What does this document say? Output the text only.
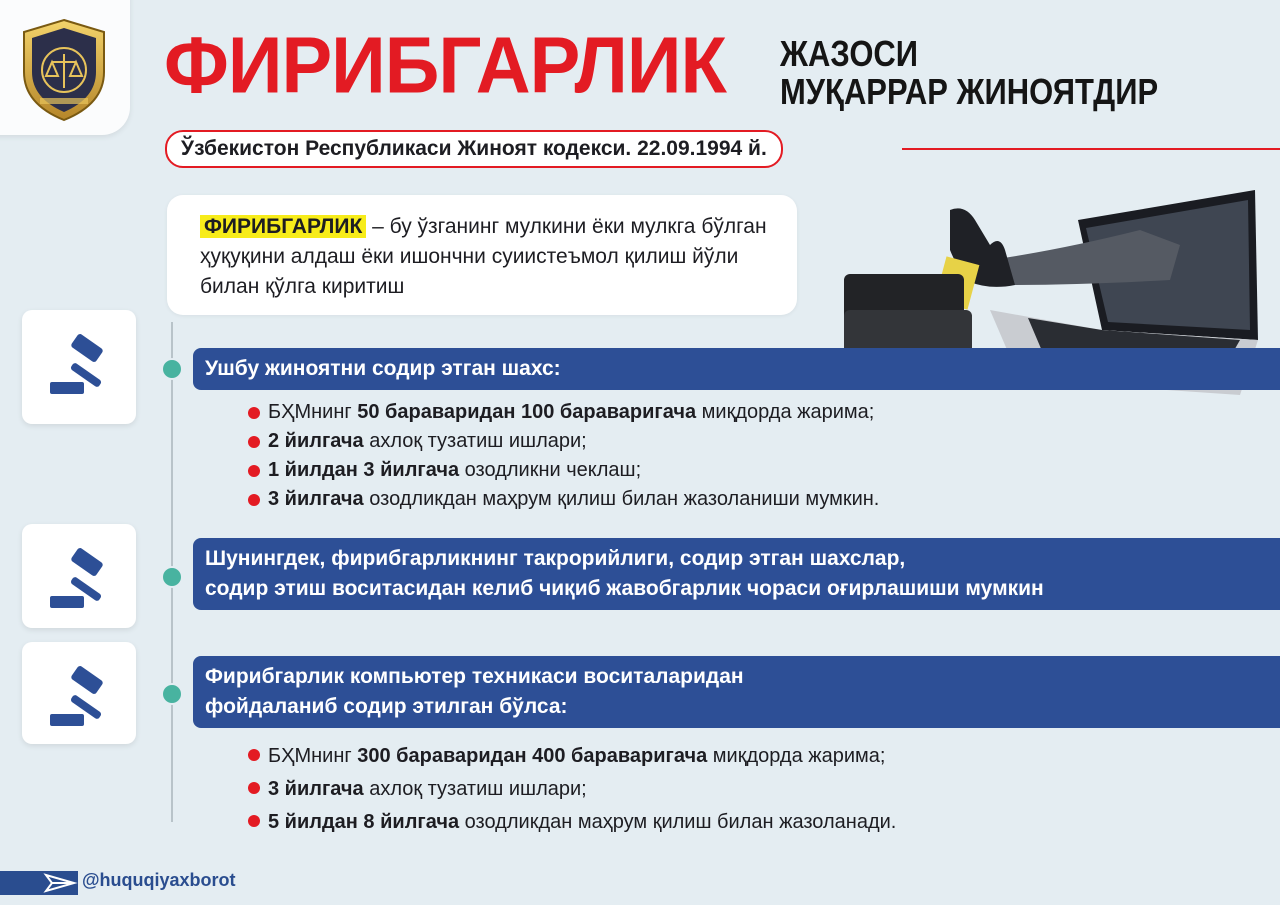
ФИРИБГАРЛИК ЖАЗОСИ
МУҚАРРАР ЖИНОЯТДИР
Ўзбекистон Республикаси Жиноят кодекси. 22.09.1994 й.
ФИРИБГАРЛИК – бу ўзганинг мулкини ёки мулкга бўлган ҳуқуқини алдаш ёки ишончни суиистеъмол қилиш йўли билан қўлга киритиш
Ушбу жиноятни содир этган шахс:
БҲМнинг 50 бараваридан 100 бараваригача миқдорда жарима;
2 йилгача ахлоқ тузатиш ишлари;
1 йилдан 3 йилгача озодликни чеклаш;
3 йилгача озодликдан маҳрум қилиш билан жазоланиши мумкин.
Шунингдек, фирибгарликнинг такрорийлиги, содир этган шахслар,
содир этиш воситасидан келиб чиқиб жавобгарлик чораси оғирлашиши мумкин
Фирибгарлик компьютер техникаси воситаларидан
фойдаланиб содир этилган бўлса:
БҲМнинг 300 бараваридан 400 бараваригача миқдорда жарима;
3 йилгача ахлоқ тузатиш ишлари;
5 йилдан 8 йилгача озодликдан маҳрум қилиш билан жазоланади.
@huquqiyaxborot
